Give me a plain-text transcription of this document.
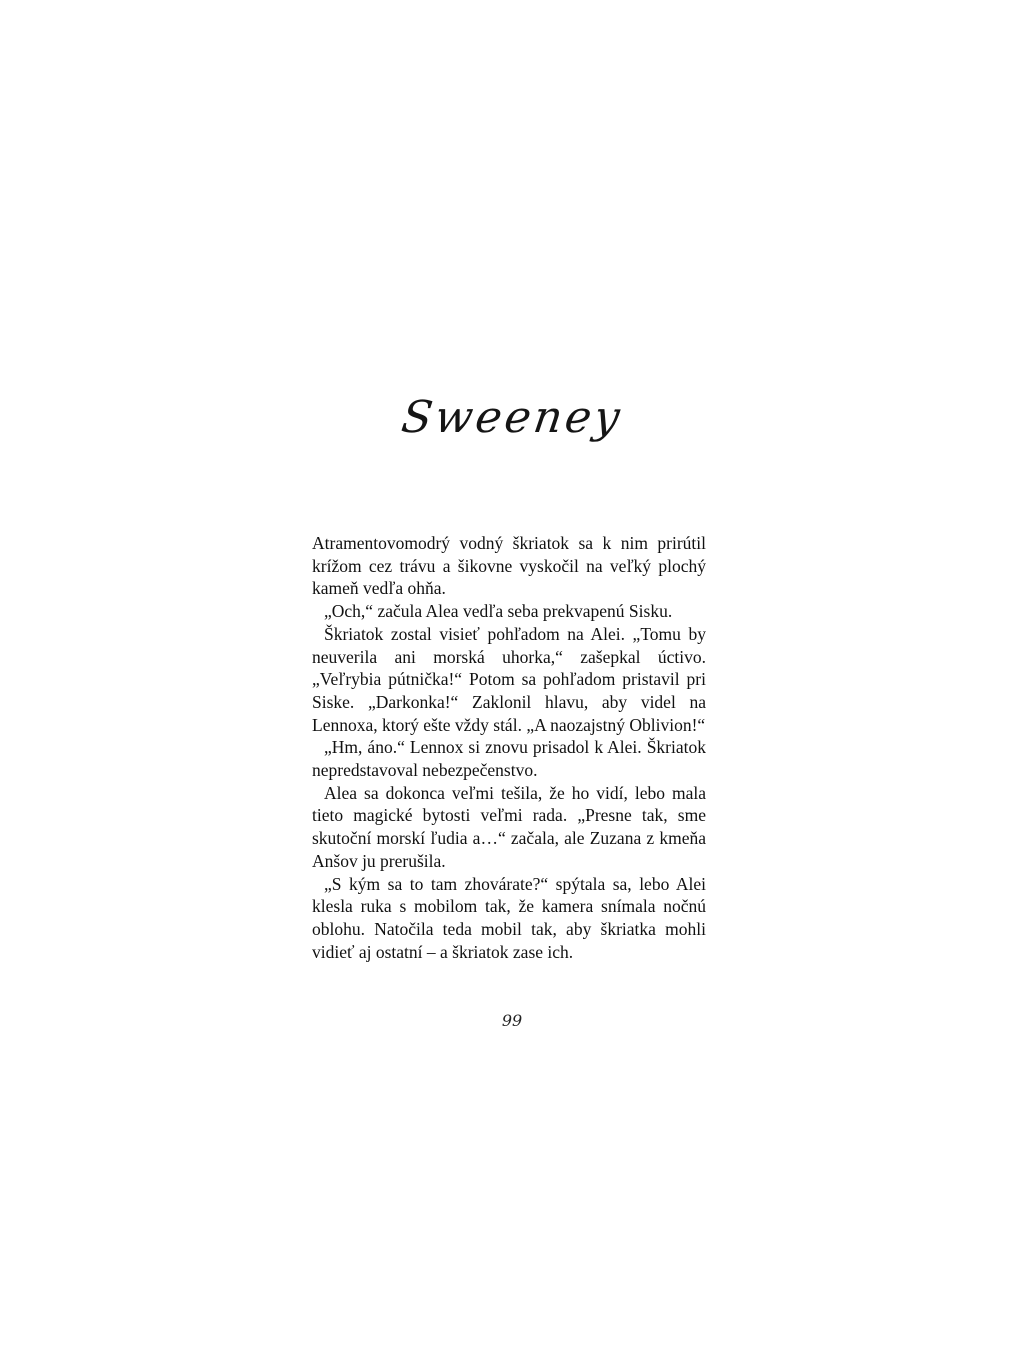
Sweeney

Atramentovomodrý vodný škriatok sa k nim prirútil krížom cez trávu a šikovne vyskočil na veľký plochý kameň vedľa ohňa.

„Och,“ začula Alea vedľa seba prekvapenú Sisku.

Škriatok zostal visieť pohľadom na Alei. „Tomu by neuverila ani morská uhorka,“ zašepkal úctivo. „Veľrybia pútnička!“ Potom sa pohľadom pristavil pri Siske. „Darkonka!“ Zaklonil hlavu, aby videl na Lennoxa, ktorý ešte vždy stál. „A naozajstný Oblivion!“

„Hm, áno.“ Lennox si znovu prisadol k Alei. Škriatok nepredstavoval nebezpečenstvo.

Alea sa dokonca veľmi tešila, že ho vidí, lebo mala tieto magické bytosti veľmi rada. „Presne tak, sme skutoční morskí ľudia a…“ začala, ale Zuzana z kmeňa Anšov ju prerušila.

„S kým sa to tam zhovárate?“ spýtala sa, lebo Alei klesla ruka s mobilom tak, že kamera snímala nočnú oblohu. Natočila teda mobil tak, aby škriatka mohli vidieť aj ostatní – a škriatok zase ich.

99
